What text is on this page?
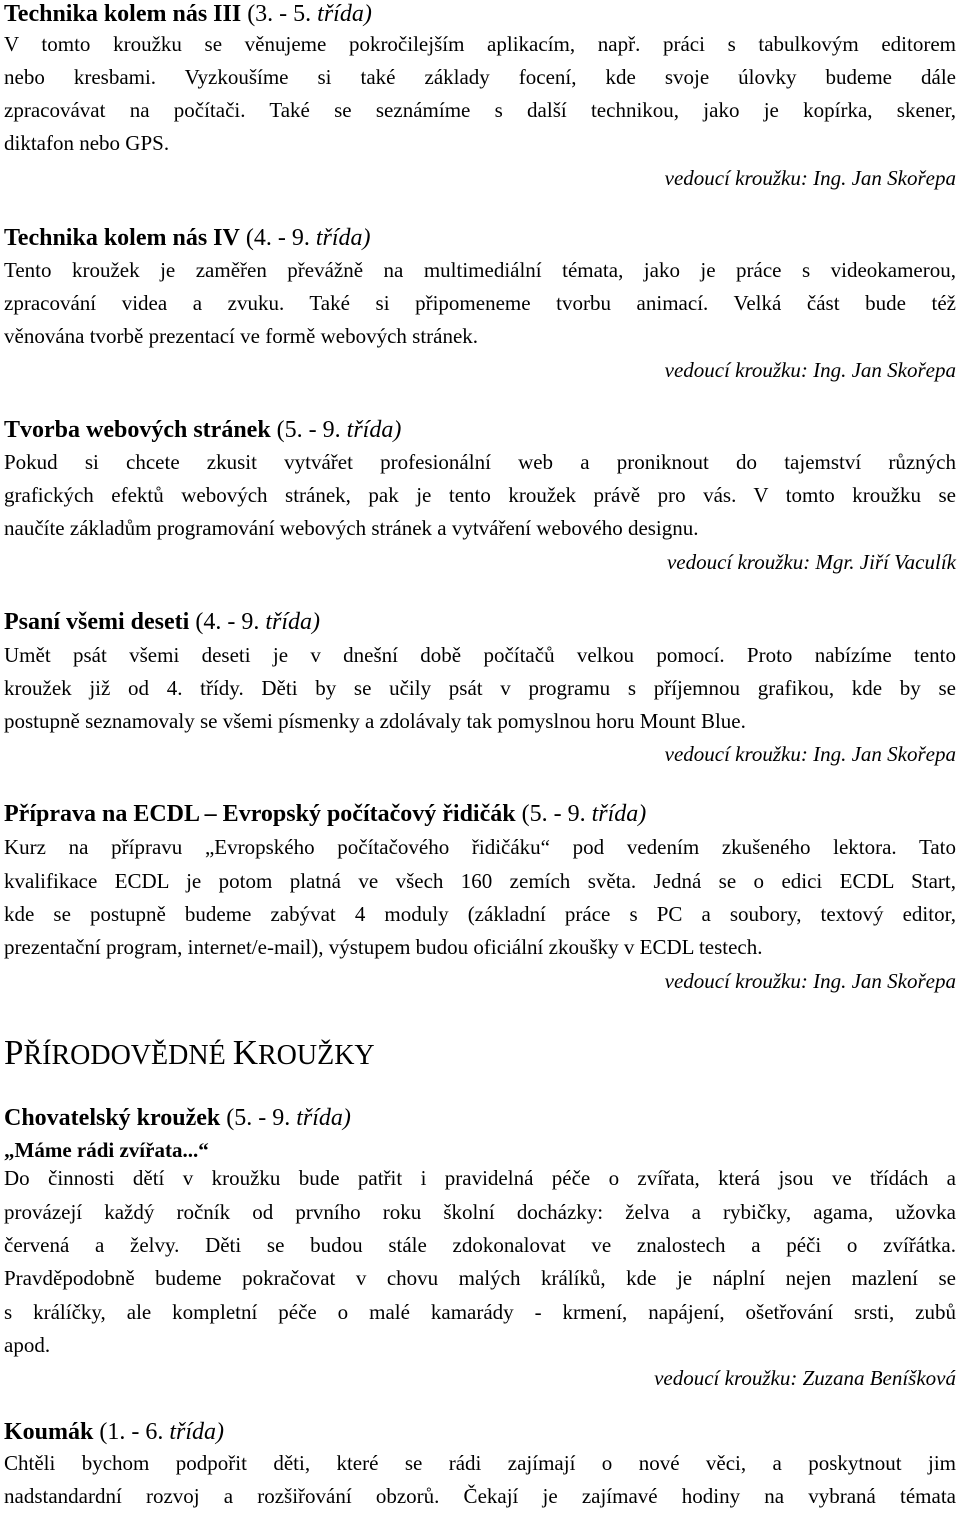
Technika kolem nás III (3. - 5. třída)
V tomto kroužku se věnujeme pokročilejším aplikacím, např. práci s tabulkovým editorem
nebo kresbami. Vyzkoušíme si také základy focení, kde svoje úlovky budeme dále
zpracovávat na počítači. Také se seznámíme s další technikou, jako je kopírka, skener,
diktafon nebo GPS.
vedoucí kroužku: Ing. Jan Skořepa
Technika kolem nás IV (4. - 9. třída)
Tento kroužek je zaměřen převážně na multimediální témata, jako je práce s videokamerou,
zpracování videa a zvuku. Také si připomeneme tvorbu animací. Velká část bude též
věnována tvorbě prezentací ve formě webových stránek.
vedoucí kroužku: Ing. Jan Skořepa
Tvorba webových stránek (5. - 9. třída)
Pokud si chcete zkusit vytvářet profesionální web a proniknout do tajemství různých
grafických efektů webových stránek, pak je tento kroužek právě pro vás. V tomto kroužku se
naučíte základům programování webových stránek a vytváření webového designu.
vedoucí kroužku: Mgr. Jiří Vaculík
Psaní všemi deseti (4. - 9. třída)
Umět psát všemi deseti je v dnešní době počítačů velkou pomocí. Proto nabízíme tento
kroužek již od 4. třídy. Děti by se učily psát v programu s příjemnou grafikou, kde by se
postupně seznamovaly se všemi písmenky a zdolávaly tak pomyslnou horu Mount Blue.
vedoucí kroužku: Ing. Jan Skořepa
Příprava na ECDL – Evropský počítačový řidičák (5. - 9. třída)
Kurz na přípravu „Evropského počítačového řidičáku“ pod vedením zkušeného lektora. Tato
kvalifikace ECDL je potom platná ve všech 160 zemích světa. Jedná se o edici ECDL Start,
kde se postupně budeme zabývat 4 moduly (základní práce s PC a soubory, textový editor,
prezentační program, internet/e-mail), výstupem budou oficiální zkoušky v ECDL testech.
vedoucí kroužku: Ing. Jan Skořepa
PŘÍRODOVĚDNÉ KROUŽKY
Chovatelský kroužek (5. - 9. třída)
„Máme rádi zvířata...“
Do činnosti dětí v kroužku bude patřit i pravidelná péče o zvířata, která jsou ve třídách a
provázejí každý ročník od prvního roku školní docházky: želva a rybičky, agama, užovka
červená a želvy. Děti se budou stále zdokonalovat ve znalostech a péči o zvířátka.
Pravděpodobně budeme pokračovat v chovu malých králíků, kde je náplní nejen mazlení se
s králíčky, ale kompletní péče o malé kamarády - krmení, napájení, ošetřování srsti, zubů
apod.
vedoucí kroužku: Zuzana Beníšková
Koumák (1. - 6. třída)
Chtěli bychom podpořit děti, které se rádi zajímají o nové věci, a poskytnout jim
nadstandardní rozvoj a rozšiřování obzorů. Čekají je zajímavé hodiny na vybraná témata
